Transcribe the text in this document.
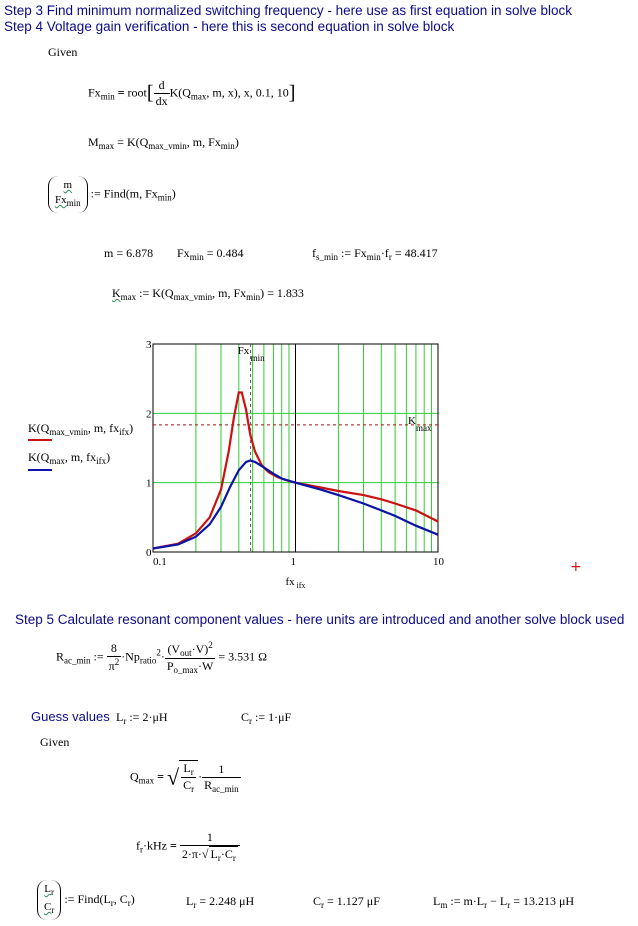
Step 3 Find minimum normalized switching frequency - here use as first equation in solve block
Step 4 Voltage gain verification - here this is second equation in solve block
Given
$Fx_{min}$ = root[ $\frac{d}{dx} K(Q_{max}$, m, x), x, 0.1, 10]
$M_{max} = K(Q_{max\_vmin}$, m, $Fx_{min}$)
m
$Fx_{min}$ := Find(m, $Fx_{min}$)
m = 6.878 $Fx_{min} = 0.484$	$f_{s\_min}$ := $Fx_{min}\cdot f_r = 48.417$
$K_{max}$ := $K(Q_{max\_vmin}$, m, $Fx_{min}) = 1.833$
0.1	1	10
0
1
2
3
fx ifx
Fx
min
K
max
$K(Q_{max\_vmin}$, m, $fx_{ifx}$)
$K(Q_{max}$, m, $fx_{ifx}$)
+
Step 5 Calculate resonant component values - here units are introduced and another solve block used
$R_{ac\_min}$ := $\frac{8}{\pi^2} \cdot Np_{ratio}^2\cdot \frac{(V_{out}\cdot V)^2}{P_{o\_max}\cdot W} = 3.531$ Ω
Guess values $L_r$ := 2·μH	$C_r$ := 1·μF
Given
$Q_{max}$ = √ $\frac{L_r}{C_r} \cdot \frac{1}{R_{ac\_min}}$
$f_r\cdot kHz = \frac{1}{2\cdot\pi\cdot√ L_r\cdot C_r}$
$\frac{L_r}{C_r}$ := $Find(L_r$, $C_r$)	$L_r = 2.248$ μH	$C_r = 1.127$ μF	$L_m$ := $m\cdot L_r - L_r = 13.213$ μH
